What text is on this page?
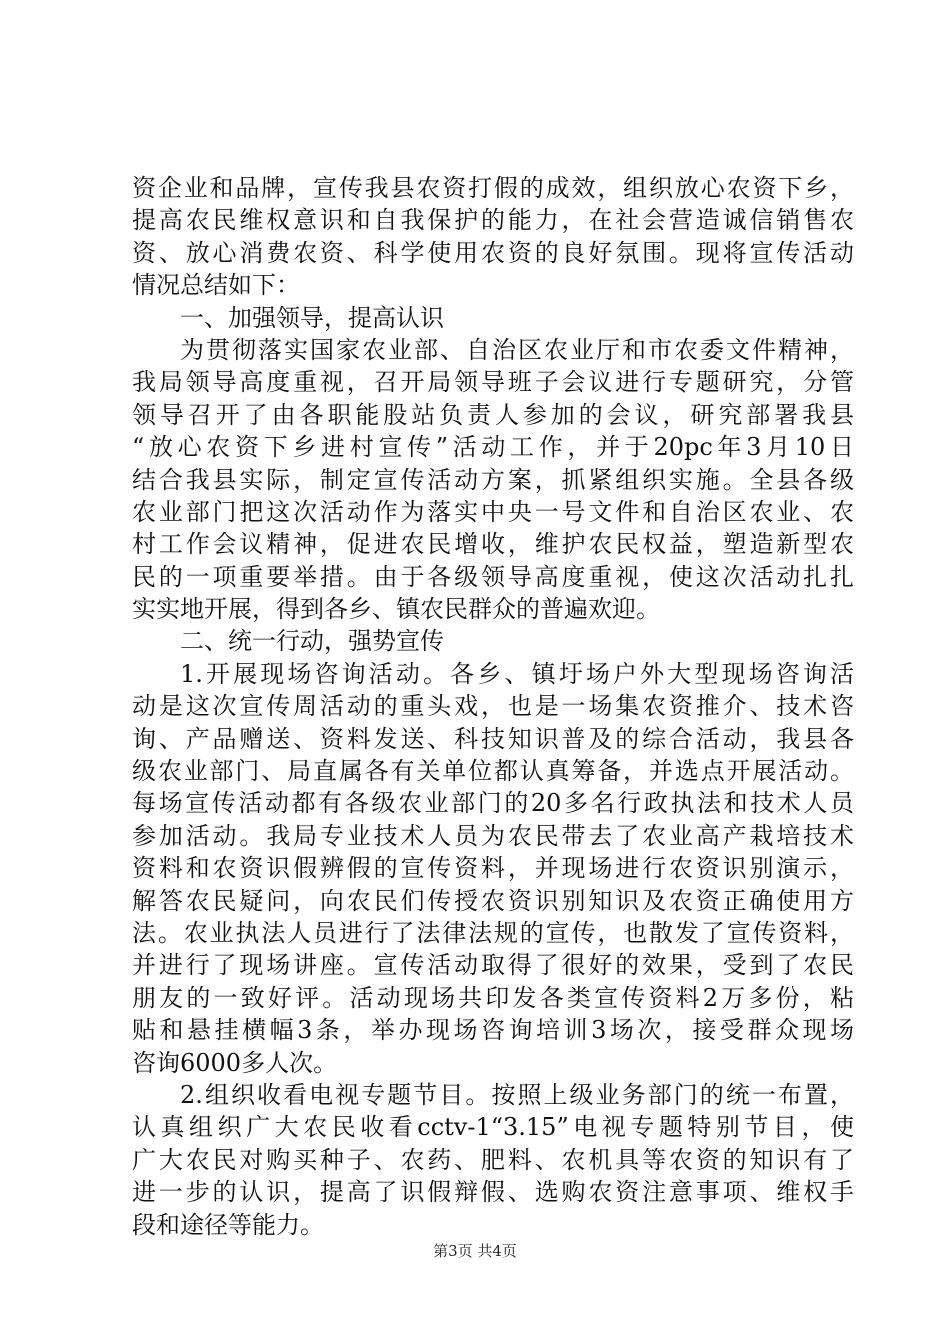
资企业和品牌，宣传我县农资打假的成效，组织放心农资下乡，
提高农民维权意识和自我保护的能力，在社会营造诚信销售农
资、放心消费农资、科学使用农资的良好氛围。现将宣传活动
情况总结如下：
一、加强领导，提高认识
为贯彻落实国家农业部、自治区农业厅和市农委文件精神，
我局领导高度重视，召开局领导班子会议进行专题研究，分管
领导召开了由各职能股站负责人参加的会议，研究部署我县
“放心农资下乡进村宣传”活动工作，并于20pc年3月10日
结合我县实际，制定宣传活动方案，抓紧组织实施。全县各级
农业部门把这次活动作为落实中央一号文件和自治区农业、农
村工作会议精神，促进农民增收，维护农民权益，塑造新型农
民的一项重要举措。由于各级领导高度重视，使这次活动扎扎
实实地开展，得到各乡、镇农民群众的普遍欢迎。
二、统一行动，强势宣传
1.开展现场咨询活动。各乡、镇圩场户外大型现场咨询活
动是这次宣传周活动的重头戏，也是一场集农资推介、技术咨
询、产品赠送、资料发送、科技知识普及的综合活动，我县各
级农业部门、局直属各有关单位都认真筹备，并选点开展活动。
每场宣传活动都有各级农业部门的20多名行政执法和技术人员
参加活动。我局专业技术人员为农民带去了农业高产栽培技术
资料和农资识假辨假的宣传资料，并现场进行农资识别演示，
解答农民疑问，向农民们传授农资识别知识及农资正确使用方
法。农业执法人员进行了法律法规的宣传，也散发了宣传资料，
并进行了现场讲座。宣传活动取得了很好的效果，受到了农民
朋友的一致好评。活动现场共印发各类宣传资料2万多份，粘
贴和悬挂横幅3条，举办现场咨询培训3场次，接受群众现场
咨询6000多人次。
2.组织收看电视专题节目。按照上级业务部门的统一布置，
认真组织广大农民收看cctv-1“3.15”电视专题特别节目，使
广大农民对购买种子、农药、肥料、农机具等农资的知识有了
进一步的认识，提高了识假辩假、选购农资注意事项、维权手
段和途径等能力。
第3页 共4页
